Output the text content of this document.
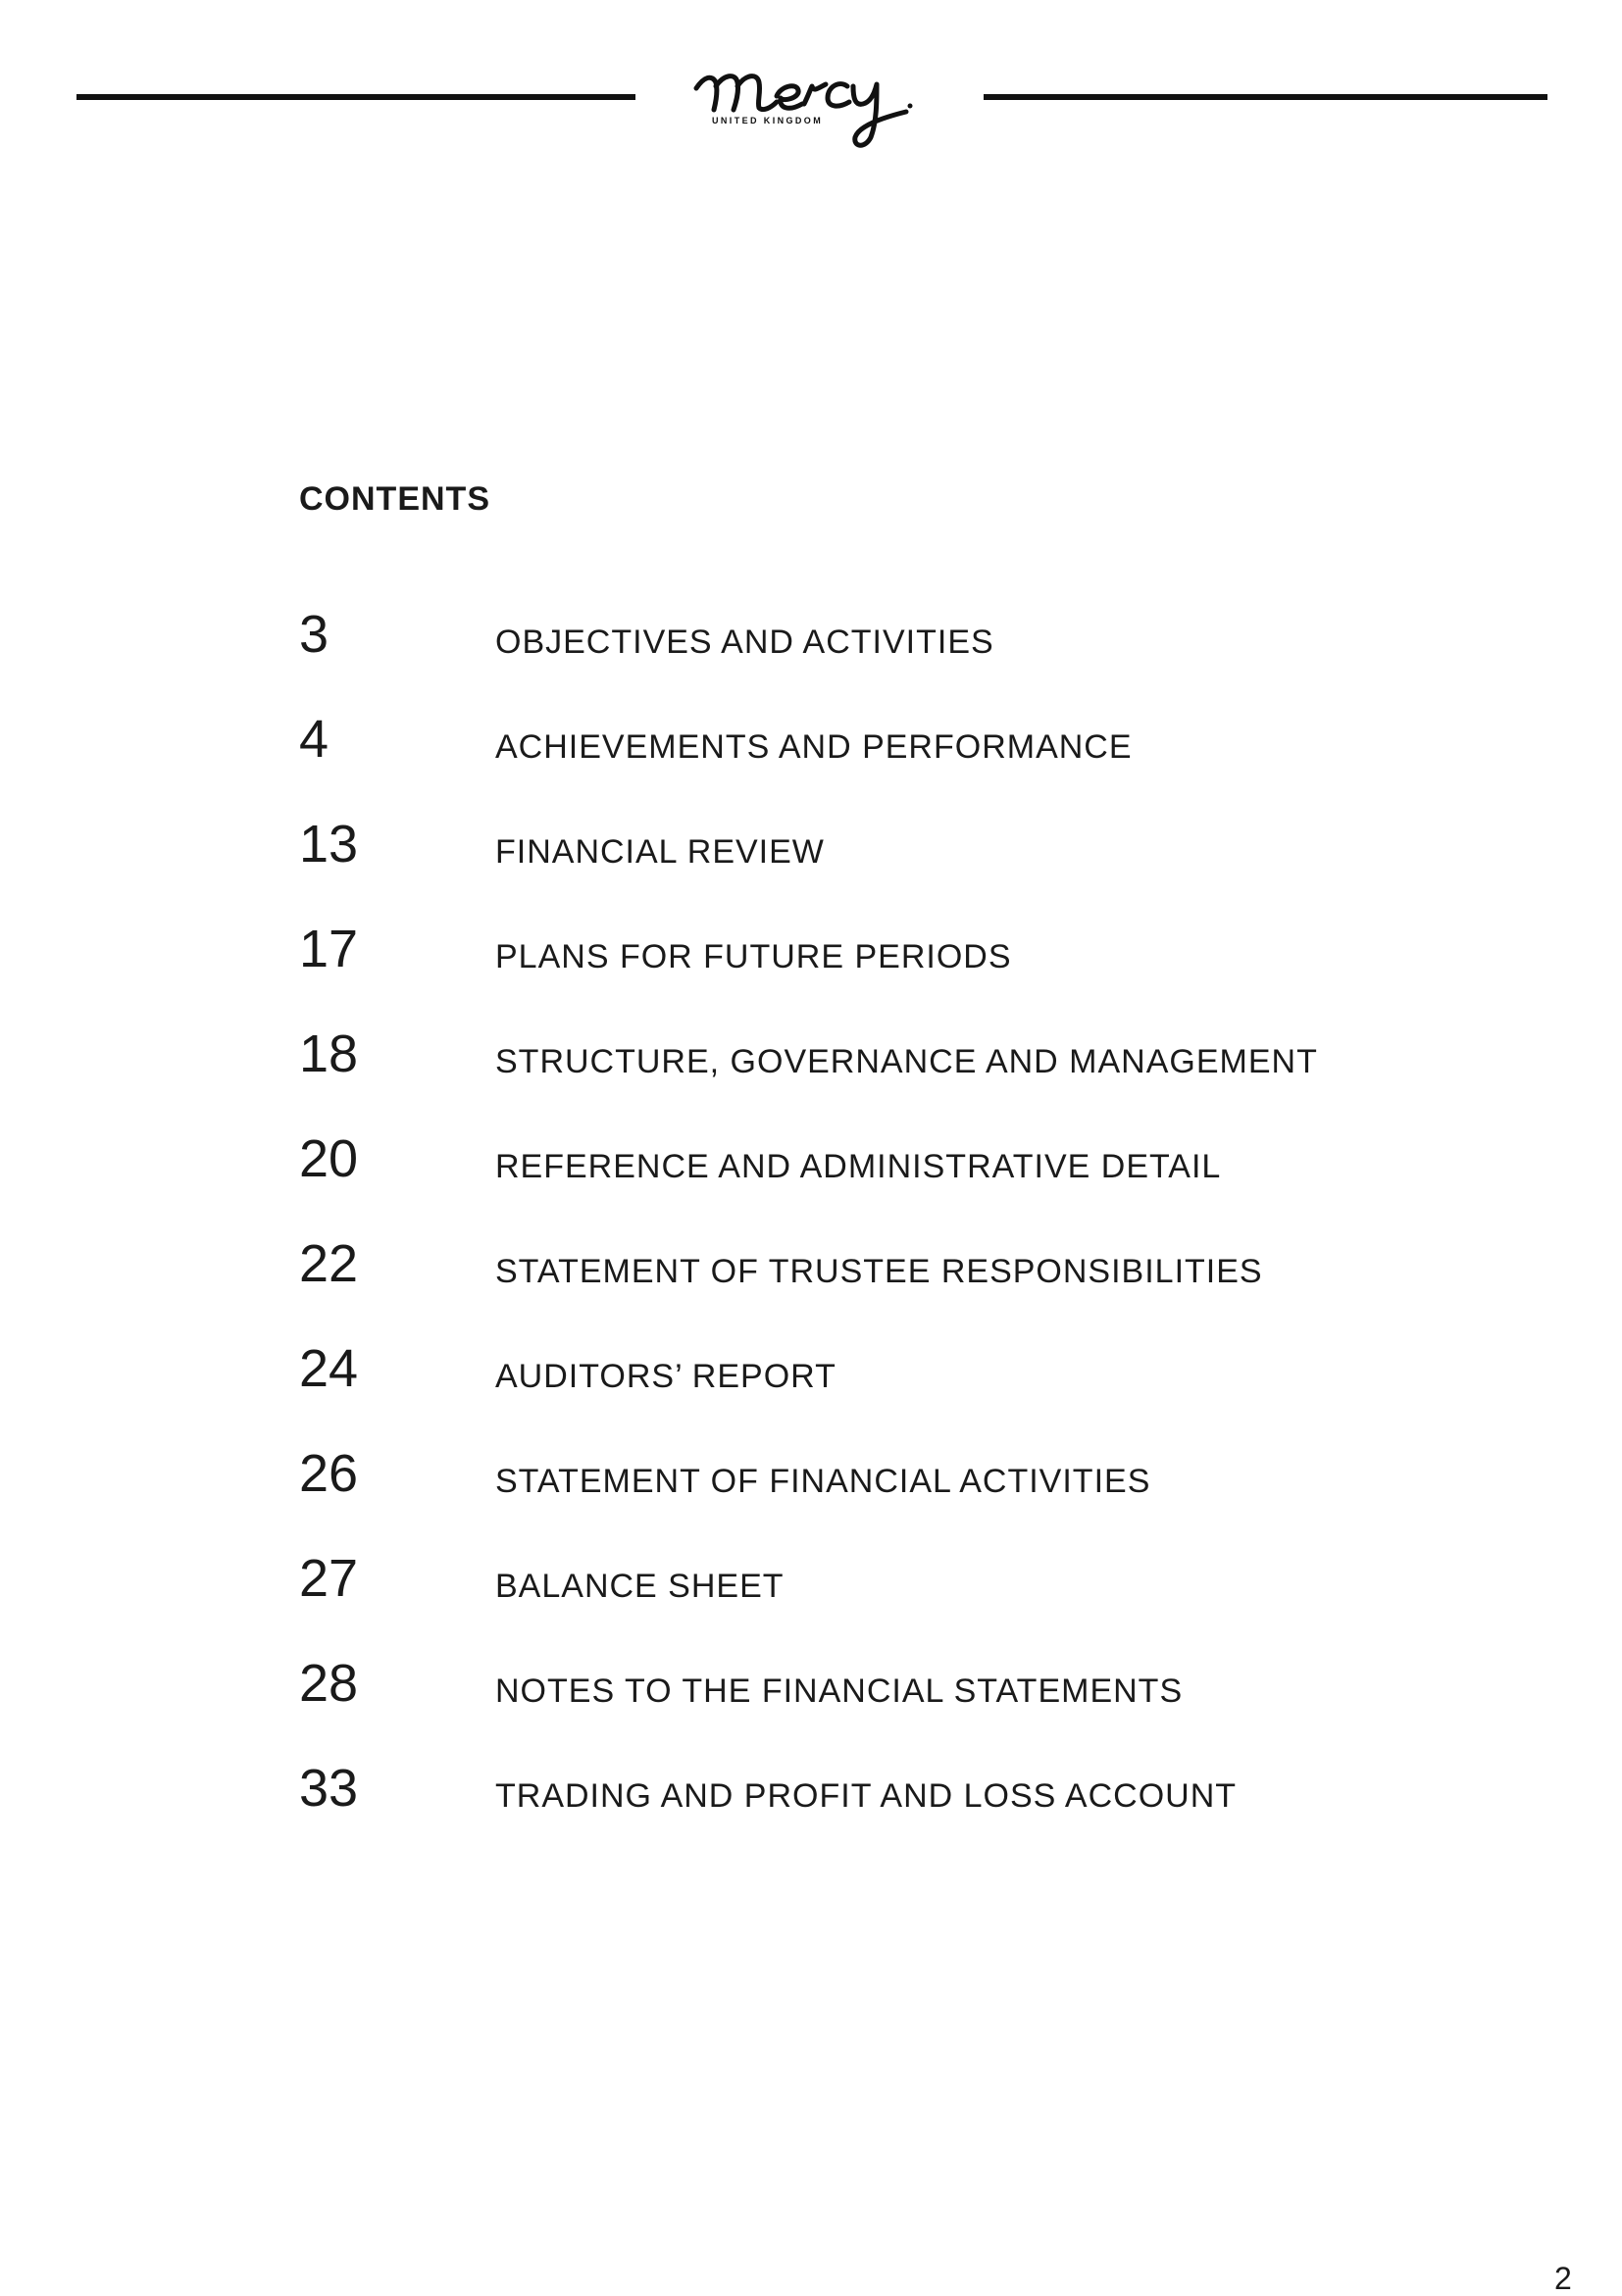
UNITED KINGDOM
CONTENTS
3	OBJECTIVES AND ACTIVITIES
4	ACHIEVEMENTS AND PERFORMANCE
13	FINANCIAL REVIEW
17	PLANS FOR FUTURE PERIODS
18	STRUCTURE, GOVERNANCE AND MANAGEMENT
20	REFERENCE AND ADMINISTRATIVE DETAIL
22	STATEMENT OF TRUSTEE RESPONSIBILITIES
24	AUDITORS’ REPORT
26	STATEMENT OF FINANCIAL ACTIVITIES
27	BALANCE SHEET
28	NOTES TO THE FINANCIAL STATEMENTS
33	TRADING AND PROFIT AND LOSS ACCOUNT
2
